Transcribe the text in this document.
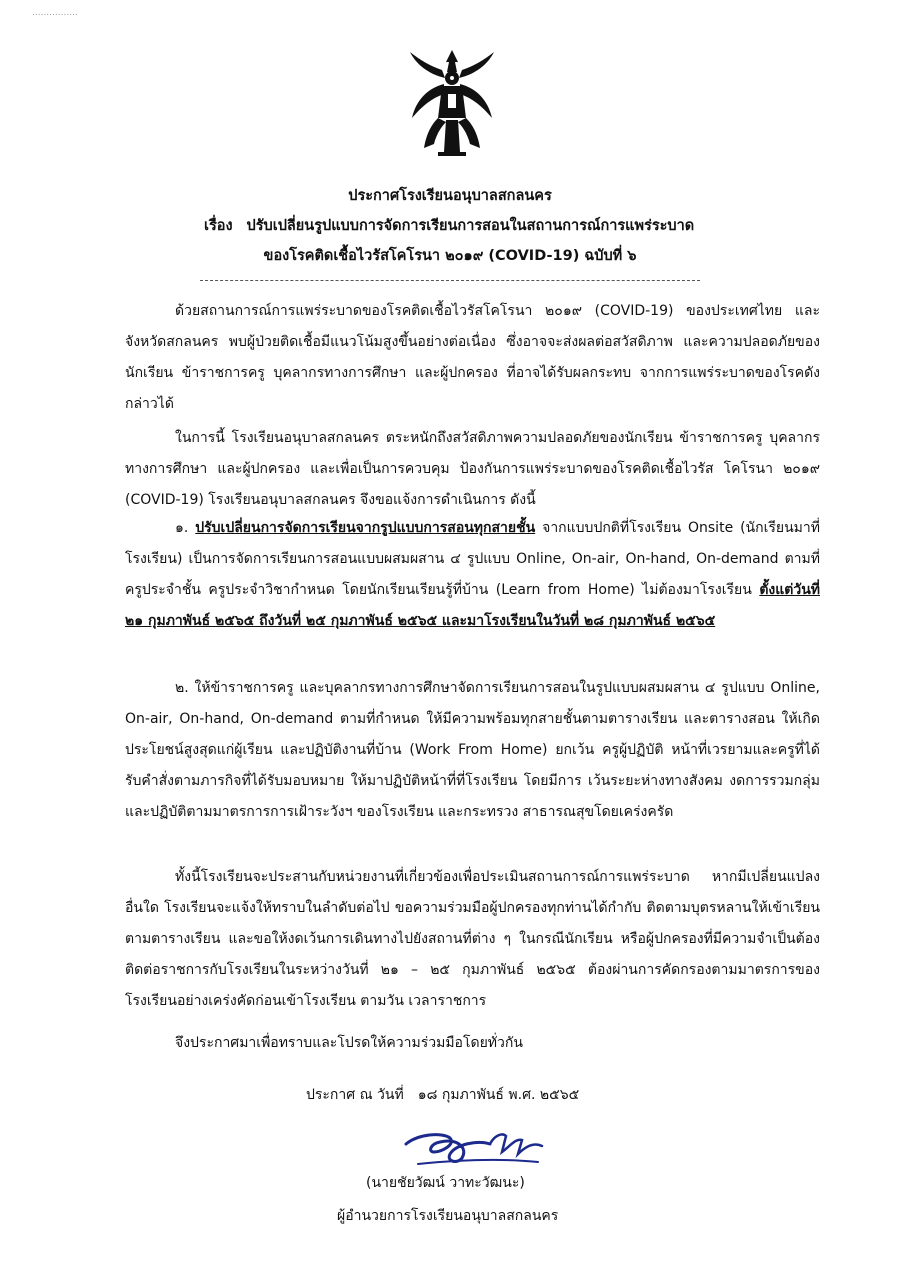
................
ประกาศโรงเรียนอนุบาลสกลนคร
เรื่อง ปรับเปลี่ยนรูปแบบการจัดการเรียนการสอนในสถานการณ์การแพร่ระบาด
ของโรคติดเชื้อไวรัสโคโรนา ๒๐๑๙ (COVID-19) ฉบับที่ ๖

ด้วยสถานการณ์การแพร่ระบาดของโรคติดเชื้อไวรัสโคโรนา ๒๐๑๙ (COVID-19) ของประเทศไทย และจังหวัดสกลนคร พบผู้ป่วยติดเชื้อมีแนวโน้มสูงขึ้นอย่างต่อเนื่อง ซึ่งอาจจะส่งผลต่อสวัสดิภาพ และความปลอดภัยของนักเรียน ข้าราชการครู บุคลากรทางการศึกษา และผู้ปกครอง ที่อาจได้รับผลกระทบ จากการแพร่ระบาดของโรคดังกล่าวได้

ในการนี้ โรงเรียนอนุบาลสกลนคร ตระหนักถึงสวัสดิภาพความปลอดภัยของนักเรียน ข้าราชการครู บุคลากรทางการศึกษา และผู้ปกครอง และเพื่อเป็นการควบคุม ป้องกันการแพร่ระบาดของโรคติดเชื้อไวรัส โคโรนา ๒๐๑๙ (COVID-19) โรงเรียนอนุบาลสกลนคร จึงขอแจ้งการดำเนินการ ดังนี้

๑. ปรับเปลี่ยนการจัดการเรียนจากรูปแบบการสอนทุกสายชั้น จากแบบปกติที่โรงเรียน Onsite (นักเรียนมาที่โรงเรียน) เป็นการจัดการเรียนการสอนแบบผสมผสาน ๔ รูปแบบ Online, On-air, On-hand, On-demand ตามที่ครูประจำชั้น ครูประจำวิชากำหนด โดยนักเรียนเรียนรู้ที่บ้าน (Learn from Home) ไม่ต้องมาโรงเรียน ตั้งแต่วันที่ ๒๑ กุมภาพันธ์ ๒๕๖๕ ถึงวันที่ ๒๕ กุมภาพันธ์ ๒๕๖๕ และมาโรงเรียนในวันที่ ๒๘ กุมภาพันธ์ ๒๕๖๕

๒. ให้ข้าราชการครู และบุคลากรทางการศึกษาจัดการเรียนการสอนในรูปแบบผสมผสาน ๔ รูปแบบ Online, On-air, On-hand, On-demand ตามที่กำหนด ให้มีความพร้อมทุกสายชั้นตามตารางเรียน และตารางสอน ให้เกิดประโยชน์สูงสุดแก่ผู้เรียน และปฏิบัติงานที่บ้าน (Work From Home) ยกเว้น ครูผู้ปฏิบัติ หน้าที่เวรยามและครูที่ได้รับคำสั่งตามภารกิจที่ได้รับมอบหมาย ให้มาปฏิบัติหน้าที่ที่โรงเรียน โดยมีการ เว้นระยะห่างทางสังคม งดการรวมกลุ่มและปฏิบัติตามมาตรการการเฝ้าระวังฯ ของโรงเรียน และกระทรวง สาธารณสุขโดยเคร่งครัด

ทั้งนี้โรงเรียนจะประสานกับหน่วยงานที่เกี่ยวข้องเพื่อประเมินสถานการณ์การแพร่ระบาด หากมีเปลี่ยนแปลงอื่นใด โรงเรียนจะแจ้งให้ทราบในลำดับต่อไป ขอความร่วมมือผู้ปกครองทุกท่านได้กำกับ ติดตามบุตรหลานให้เข้าเรียนตามตารางเรียน และขอให้งดเว้นการเดินทางไปยังสถานที่ต่าง ๆ ในกรณีนักเรียน หรือผู้ปกครองที่มีความจำเป็นต้องติดต่อราชการกับโรงเรียนในระหว่างวันที่ ๒๑ – ๒๕ กุมภาพันธ์ ๒๕๖๕ ต้องผ่านการคัดกรองตามมาตรการของโรงเรียนอย่างเคร่งคัดก่อนเข้าโรงเรียน ตามวัน เวลาราชการ

จึงประกาศมาเพื่อทราบและโปรดให้ความร่วมมือโดยทั่วกัน

ประกาศ ณ วันที่ ๑๘ กุมภาพันธ์ พ.ศ. ๒๕๖๕
(นายชัยวัฒน์ วาทะวัฒนะ)
ผู้อำนวยการโรงเรียนอนุบาลสกลนคร
